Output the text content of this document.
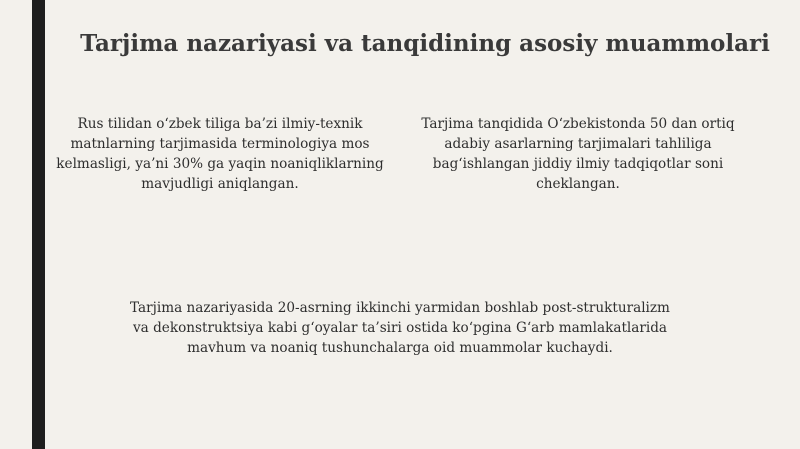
Tarjima nazariyasi va tanqidining asosiy muammolari

Rus tilidan o‘zbek tiliga ba’zi ilmiy-texnik matnlarning tarjimasida terminologiya mos kelmasligi, ya’ni 30% ga yaqin noaniqliklarning mavjudligi aniqlangan.

Tarjima tanqidida O‘zbekistonda 50 dan ortiq adabiy asarlarning tarjimalari tahliliga bag‘ishlangan jiddiy ilmiy tadqiqotlar soni cheklangan.

Tarjima nazariyasida 20-asrning ikkinchi yarmidan boshlab post-strukturalizm va dekonstruktsiya kabi g‘oyalar ta’siri ostida ko‘pgina G‘arb mamlakatlarida mavhum va noaniq tushunchalarga oid muammolar kuchaydi.
